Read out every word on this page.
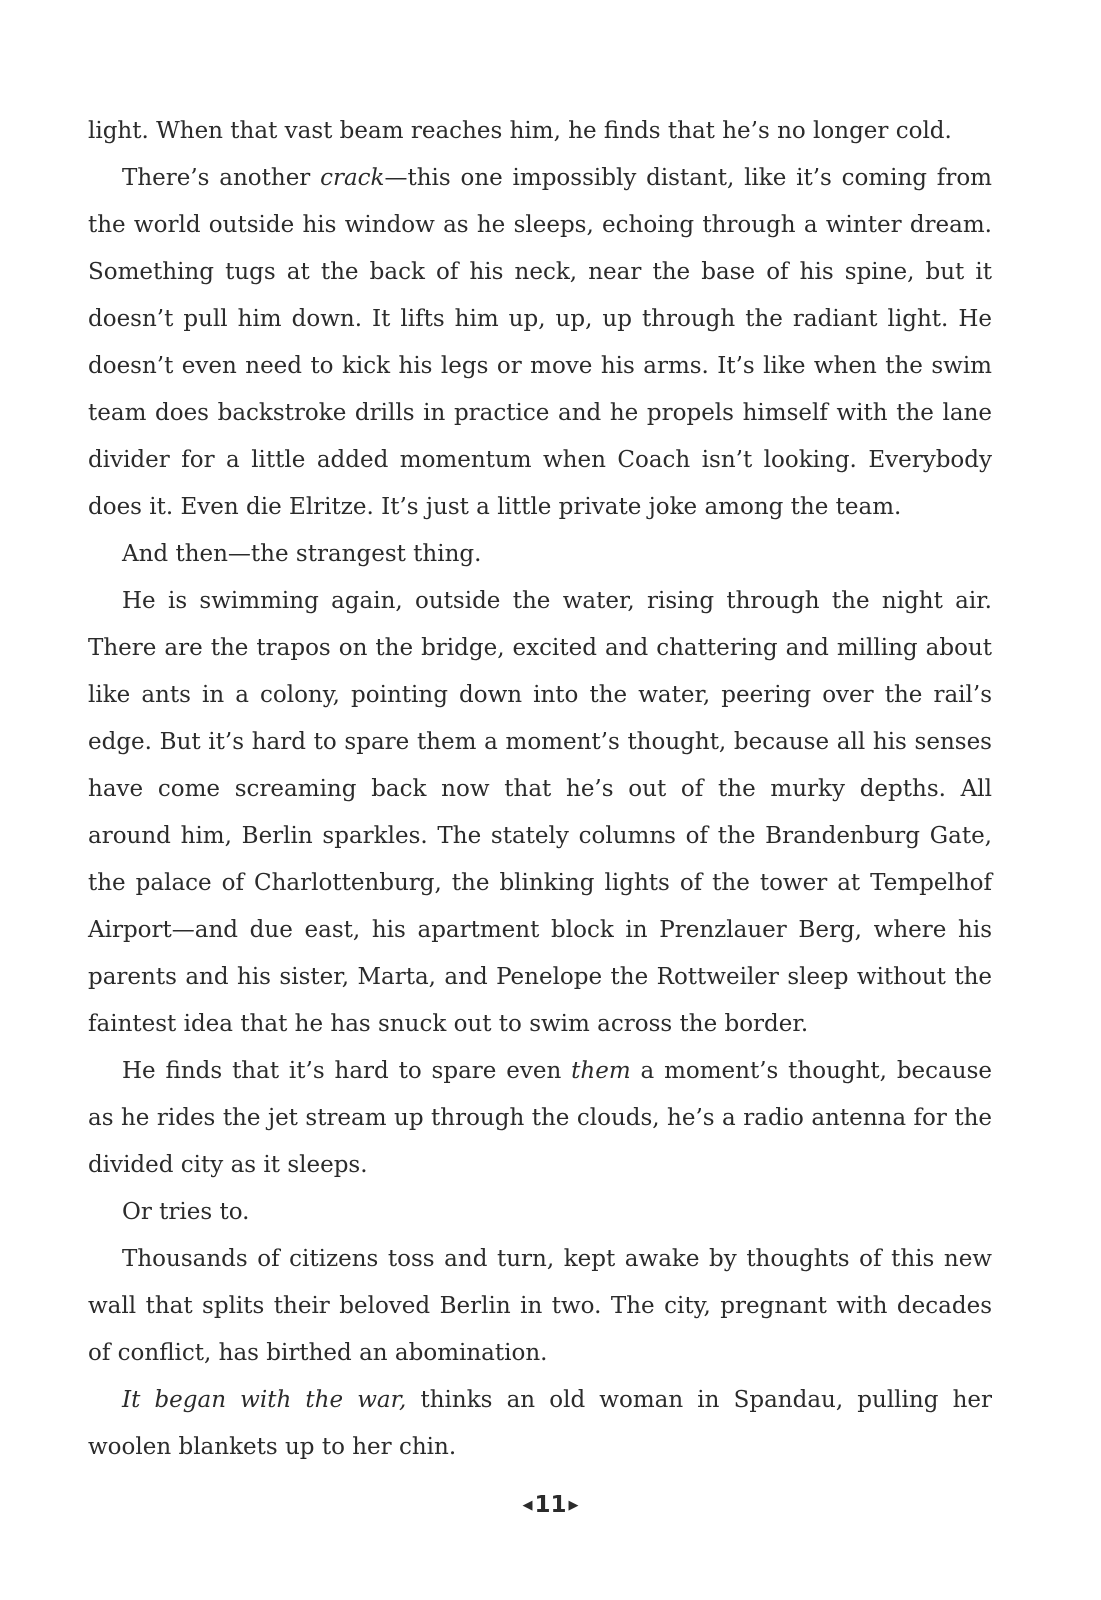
light. When that vast beam reaches him, he finds that he’s no longer cold.

There’s another crack—this one impossibly distant, like it’s coming from the world outside his window as he sleeps, echoing through a winter dream. Something tugs at the back of his neck, near the base of his spine, but it doesn’t pull him down. It lifts him up, up, up through the radiant light. He doesn’t even need to kick his legs or move his arms. It’s like when the swim team does backstroke drills in practice and he propels himself with the lane divider for a little added momentum when Coach isn’t looking. Everybody does it. Even die Elritze. It’s just a little private joke among the team.

And then—the strangest thing.

He is swimming again, outside the water, rising through the night air. There are the trapos on the bridge, excited and chattering and milling about like ants in a colony, pointing down into the water, peering over the rail’s edge. But it’s hard to spare them a moment’s thought, because all his senses have come screaming back now that he’s out of the murky depths. All around him, Berlin sparkles. The stately columns of the Brandenburg Gate, the palace of Charlottenburg, the blinking lights of the tower at Tempelhof Airport—and due east, his apartment block in Prenzlauer Berg, where his parents and his sister, Marta, and Penelope the Rottweiler sleep without the faintest idea that he has snuck out to swim across the border.

He finds that it’s hard to spare even them a moment’s thought, because as he rides the jet stream up through the clouds, he’s a radio antenna for the divided city as it sleeps.

Or tries to.

Thousands of citizens toss and turn, kept awake by thoughts of this new wall that splits their beloved Berlin in two. The city, pregnant with decades of conflict, has birthed an abomination.

It began with the war, thinks an old woman in Spandau, pulling her woolen blankets up to her chin.

◀11 ▶
